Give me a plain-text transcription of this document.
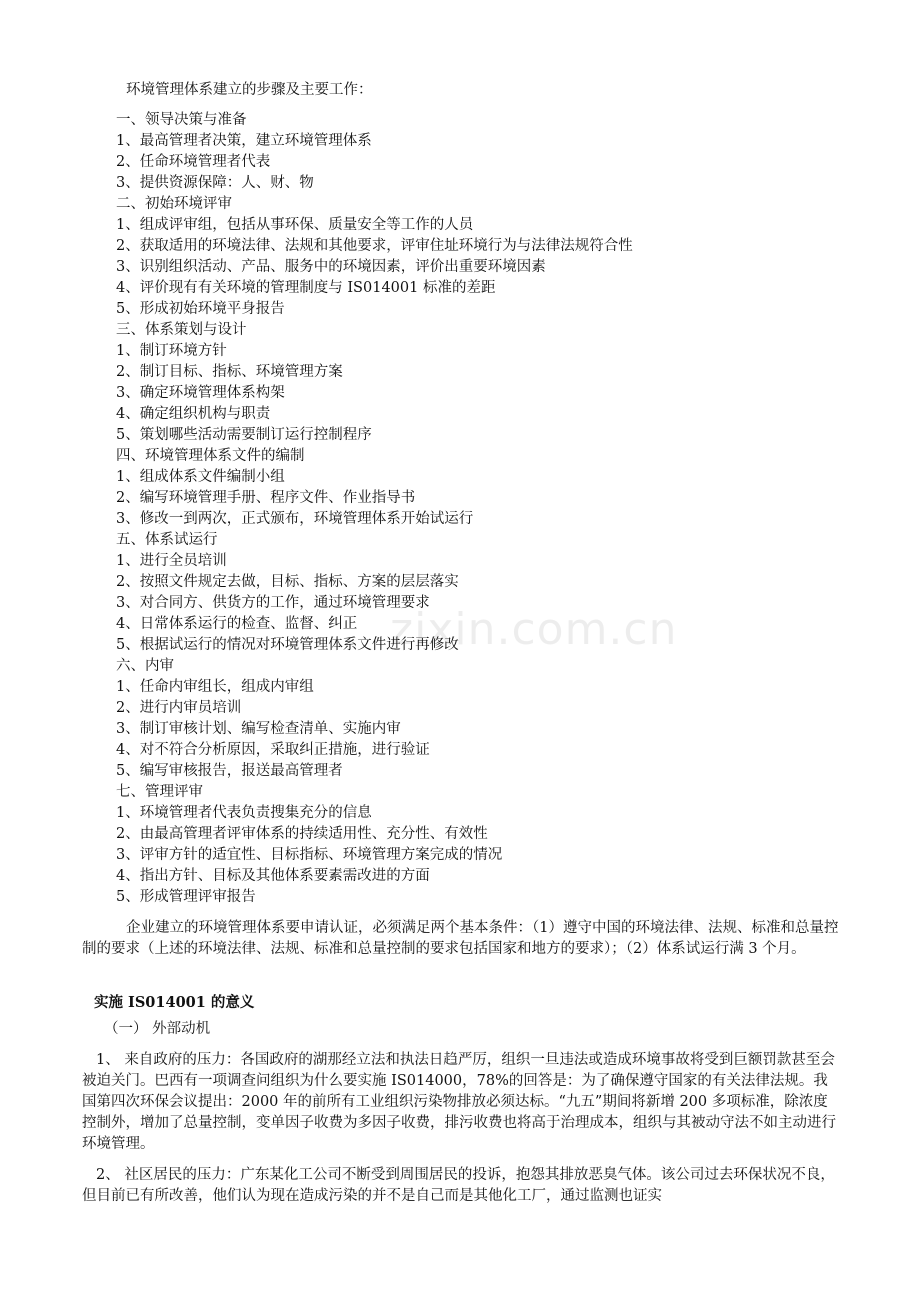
zixin.com.cn
环境管理体系建立的步骤及主要工作：
一、领导决策与准备
1、最高管理者决策，建立环境管理体系
2、任命环境管理者代表
3、提供资源保障：人、财、物
二、初始环境评审
1、组成评审组，包括从事环保、质量安全等工作的人员
2、获取适用的环境法律、法规和其他要求，评审住址环境行为与法律法规符合性
3、识别组织活动、产品、服务中的环境因素，评价出重要环境因素
4、评价现有有关环境的管理制度与 IS014001 标准的差距
5、形成初始环境平身报告
三、体系策划与设计
1、制订环境方针
2、制订目标、指标、环境管理方案
3、确定环境管理体系构架
4、确定组织机构与职责
5、策划哪些活动需要制订运行控制程序
四、环境管理体系文件的编制
1、组成体系文件编制小组
2、编写环境管理手册、程序文件、作业指导书
3、修改一到两次，正式颁布，环境管理体系开始试运行
五、体系试运行
1、进行全员培训
2、按照文件规定去做，目标、指标、方案的层层落实
3、对合同方、供货方的工作，通过环境管理要求
4、日常体系运行的检查、监督、纠正
5、根据试运行的情况对环境管理体系文件进行再修改
六、内审
1、任命内审组长，组成内审组
2、进行内审员培训
3、制订审核计划、编写检查清单、实施内审
4、对不符合分析原因，采取纠正措施，进行验证
5、编写审核报告，报送最高管理者
七、管理评审
1、环境管理者代表负责搜集充分的信息
2、由最高管理者评审体系的持续适用性、充分性、有效性
3、评审方针的适宜性、目标指标、环境管理方案完成的情况
4、指出方针、目标及其他体系要素需改进的方面
5、形成管理评审报告
企业建立的环境管理体系要申请认证，必须满足两个基本条件：（1）遵守中国的环境法律、法规、标准和总量控制的要求（上述的环境法律、法规、标准和总量控制的要求包括国家和地方的要求）；（2）体系试运行满 3 个月。
实施 IS014001 的意义
（一） 外部动机
1、 来自政府的压力：各国政府的湖那经立法和执法日趋严厉，组织一旦违法或造成环境事故将受到巨额罚款甚至会被迫关门。巴西有一项调查问组织为什么要实施 IS014000，78%的回答是：为了确保遵守国家的有关法律法规。我国第四次环保会议提出：2000 年的前所有工业组织污染物排放必须达标。“九五”期间将新增 200 多项标准，除浓度控制外，增加了总量控制，变单因子收费为多因子收费，排污收费也将高于治理成本，组织与其被动守法不如主动进行环境管理。
2、 社区居民的压力：广东某化工公司不断受到周围居民的投诉，抱怨其排放恶臭气体。该公司过去环保状况不良，但目前已有所改善，他们认为现在造成污染的并不是自己而是其他化工厂，通过监测也证实
